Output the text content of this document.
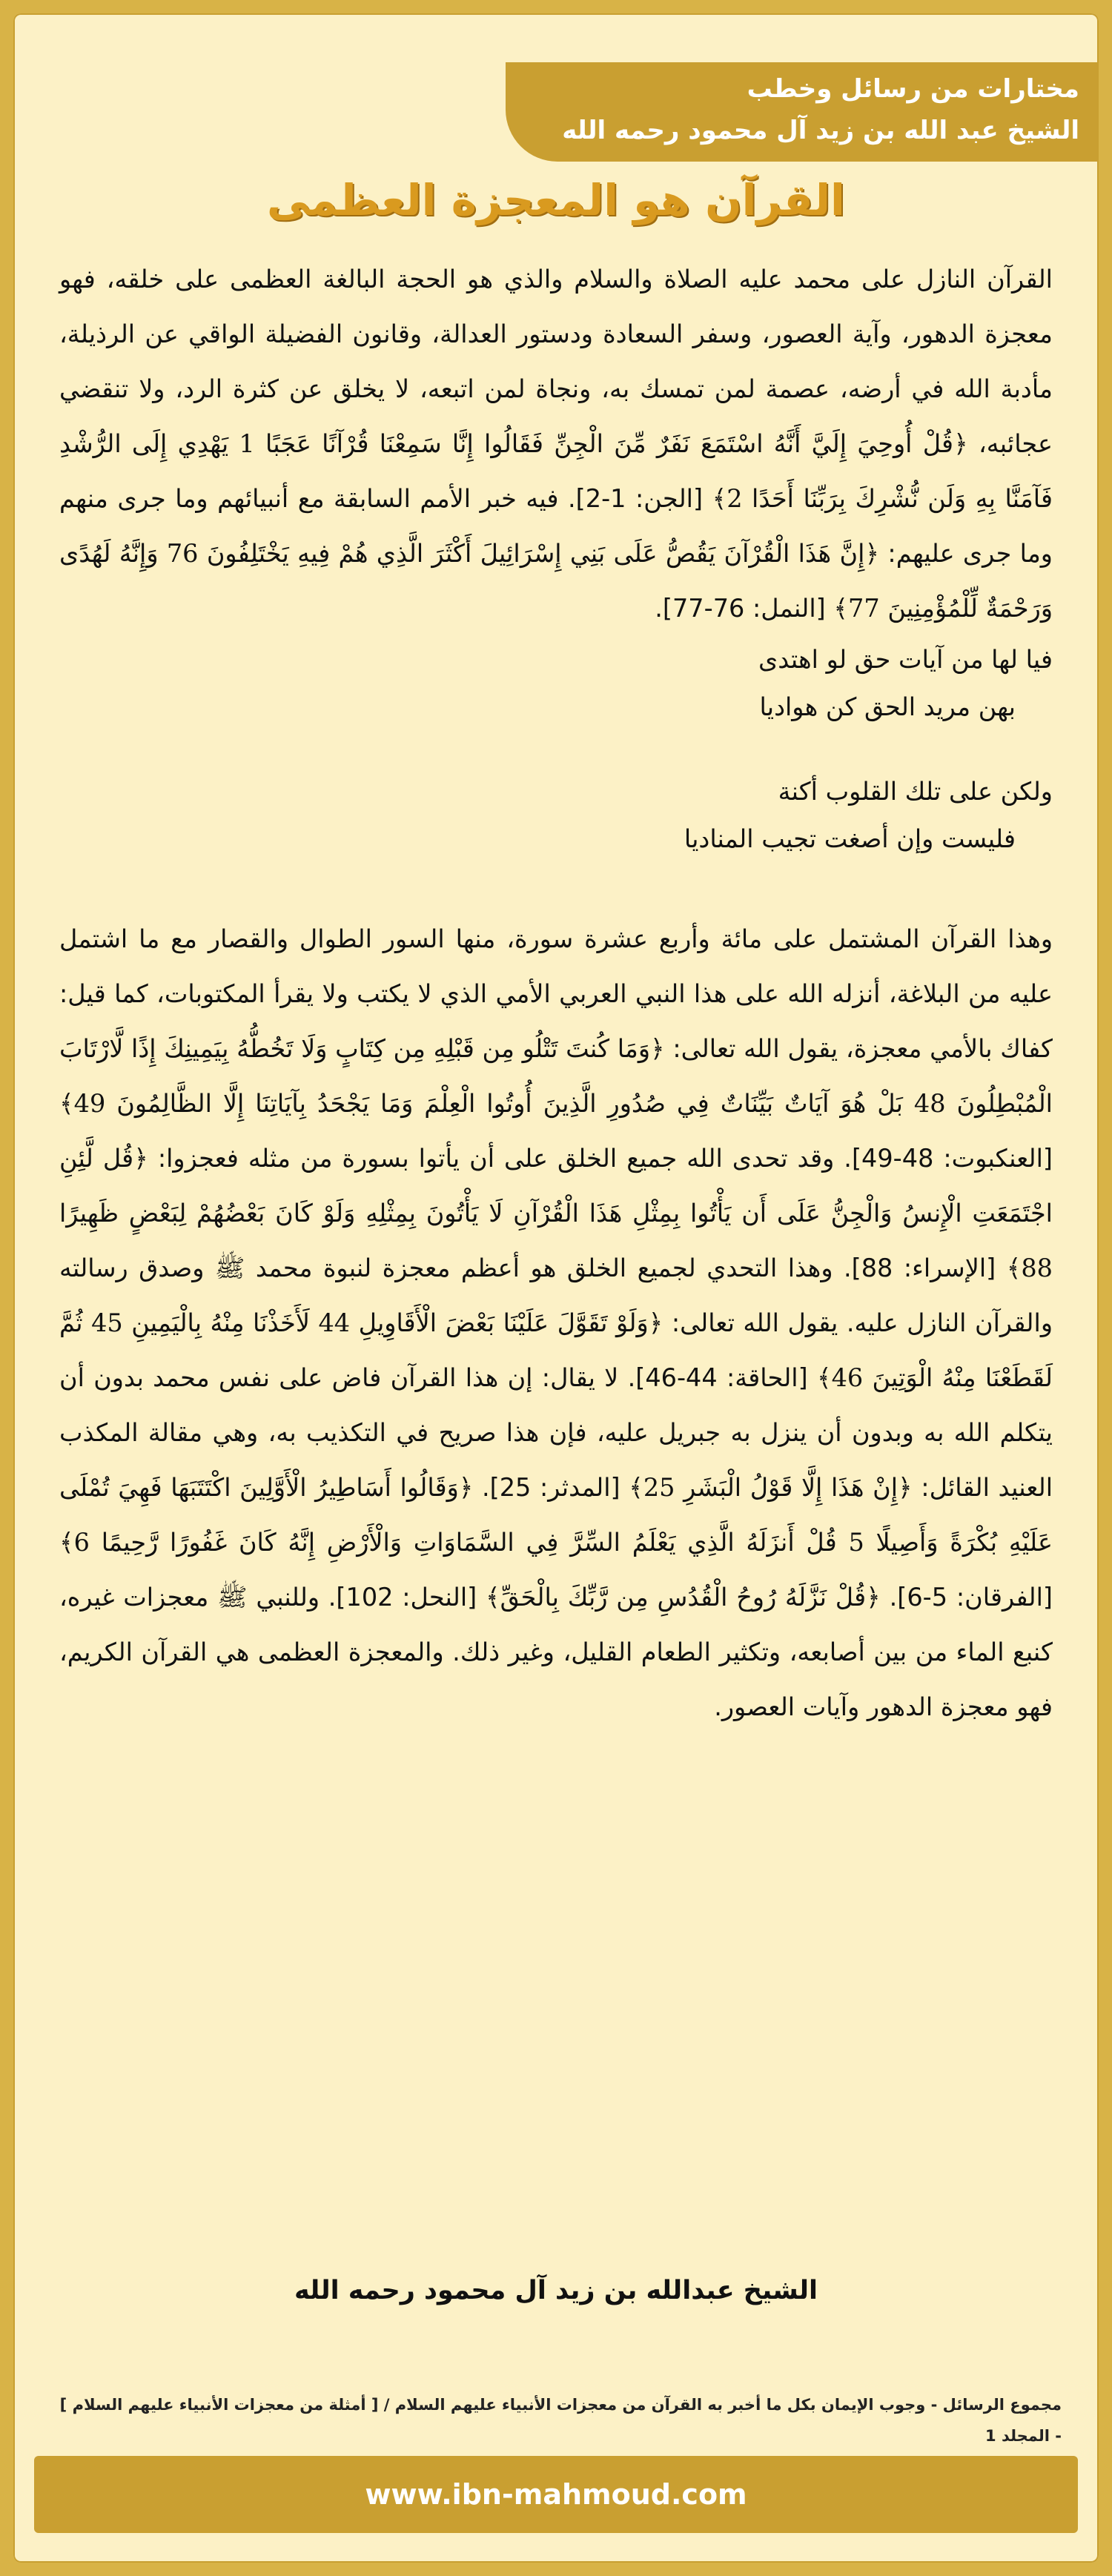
مختارات من رسائل وخطب
الشيخ عبد الله بن زيد آل محمود رحمه الله
القرآن هو المعجزة العظمى

القرآن النازل على محمد عليه الصلاة والسلام والذي هو الحجة البالغة العظمى على خلقه، فهو معجزة الدهور، وآية العصور، وسفر السعادة ودستور العدالة، وقانون الفضيلة الواقي عن الرذيلة، مأدبة الله في أرضه، عصمة لمن تمسك به، ونجاة لمن اتبعه، لا يخلق عن كثرة الرد، ولا تنقضي عجائبه، ﴿قُلْ أُوحِيَ إِلَيَّ أَنَّهُ اسْتَمَعَ نَفَرٌ مِّنَ الْجِنِّ فَقَالُوا إِنَّا سَمِعْنَا قُرْآنًا عَجَبًا 1 يَهْدِي إِلَى الرُّشْدِ فَآمَنَّا بِهِ وَلَن نُّشْرِكَ بِرَبِّنَا أَحَدًا 2﴾ [الجن: 1-2]. فيه خبر الأمم السابقة مع أنبيائهم وما جرى منهم وما جرى عليهم: ﴿إِنَّ هَذَا الْقُرْآنَ يَقُصُّ عَلَى بَنِي إِسْرَائِيلَ أَكْثَرَ الَّذِي هُمْ فِيهِ يَخْتَلِفُونَ 76 وَإِنَّهُ لَهُدًى وَرَحْمَةٌ لِّلْمُؤْمِنِينَ 77﴾ [النمل: 76-77].

فيا لها من آيات حق لو اهتدى
بهن مريد الحق كن هواديا
ولكن على تلك القلوب أكنة
فليست وإن أصغت تجيب المناديا

وهذا القرآن المشتمل على مائة وأربع عشرة سورة، منها السور الطوال والقصار مع ما اشتمل عليه من البلاغة، أنزله الله على هذا النبي العربي الأمي الذي لا يكتب ولا يقرأ المكتوبات، كما قيل: كفاك بالأمي معجزة، يقول الله تعالى: ﴿وَمَا كُنتَ تَتْلُو مِن قَبْلِهِ مِن كِتَابٍ وَلَا تَخُطُّهُ بِيَمِينِكَ إِذًا لَّارْتَابَ الْمُبْطِلُونَ 48 بَلْ هُوَ آيَاتٌ بَيِّنَاتٌ فِي صُدُورِ الَّذِينَ أُوتُوا الْعِلْمَ وَمَا يَجْحَدُ بِآيَاتِنَا إِلَّا الظَّالِمُونَ 49﴾ [العنكبوت: 48-49]. وقد تحدى الله جميع الخلق على أن يأتوا بسورة من مثله فعجزوا: ﴿قُل لَّئِنِ اجْتَمَعَتِ الْإِنسُ وَالْجِنُّ عَلَى أَن يَأْتُوا بِمِثْلِ هَذَا الْقُرْآنِ لَا يَأْتُونَ بِمِثْلِهِ وَلَوْ كَانَ بَعْضُهُمْ لِبَعْضٍ ظَهِيرًا 88﴾ [الإسراء: 88]. وهذا التحدي لجميع الخلق هو أعظم معجزة لنبوة محمد ﷺ وصدق رسالته والقرآن النازل عليه. يقول الله تعالى: ﴿وَلَوْ تَقَوَّلَ عَلَيْنَا بَعْضَ الْأَقَاوِيلِ 44 لَأَخَذْنَا مِنْهُ بِالْيَمِينِ 45 ثُمَّ لَقَطَعْنَا مِنْهُ الْوَتِينَ 46﴾ [الحاقة: 44-46]. لا يقال: إن هذا القرآن فاض على نفس محمد بدون أن يتكلم الله به وبدون أن ينزل به جبريل عليه، فإن هذا صريح في التكذيب به، وهي مقالة المكذب العنيد القائل: ﴿إِنْ هَذَا إِلَّا قَوْلُ الْبَشَرِ 25﴾ [المدثر: 25]. ﴿وَقَالُوا أَسَاطِيرُ الْأَوَّلِينَ اكْتَتَبَهَا فَهِيَ تُمْلَى عَلَيْهِ بُكْرَةً وَأَصِيلًا 5 قُلْ أَنزَلَهُ الَّذِي يَعْلَمُ السِّرَّ فِي السَّمَاوَاتِ وَالْأَرْضِ إِنَّهُ كَانَ غَفُورًا رَّحِيمًا 6﴾ [الفرقان: 5-6]. ﴿قُلْ نَزَّلَهُ رُوحُ الْقُدُسِ مِن رَّبِّكَ بِالْحَقِّ﴾ [النحل: 102]. وللنبي ﷺ معجزات غيره، كنبع الماء من بين أصابعه، وتكثير الطعام القليل، وغير ذلك. والمعجزة العظمى هي القرآن الكريم، فهو معجزة الدهور وآيات العصور.

الشيخ عبدالله بن زيد آل محمود رحمه الله
مجموع الرسائل - وجوب الإيمان بكل ما أخبر به القرآن من معجزات الأنبياء عليهم السلام / [ أمثلة من معجزات الأنبياء عليهم السلام ] - المجلد 1
www.ibn-mahmoud.com
